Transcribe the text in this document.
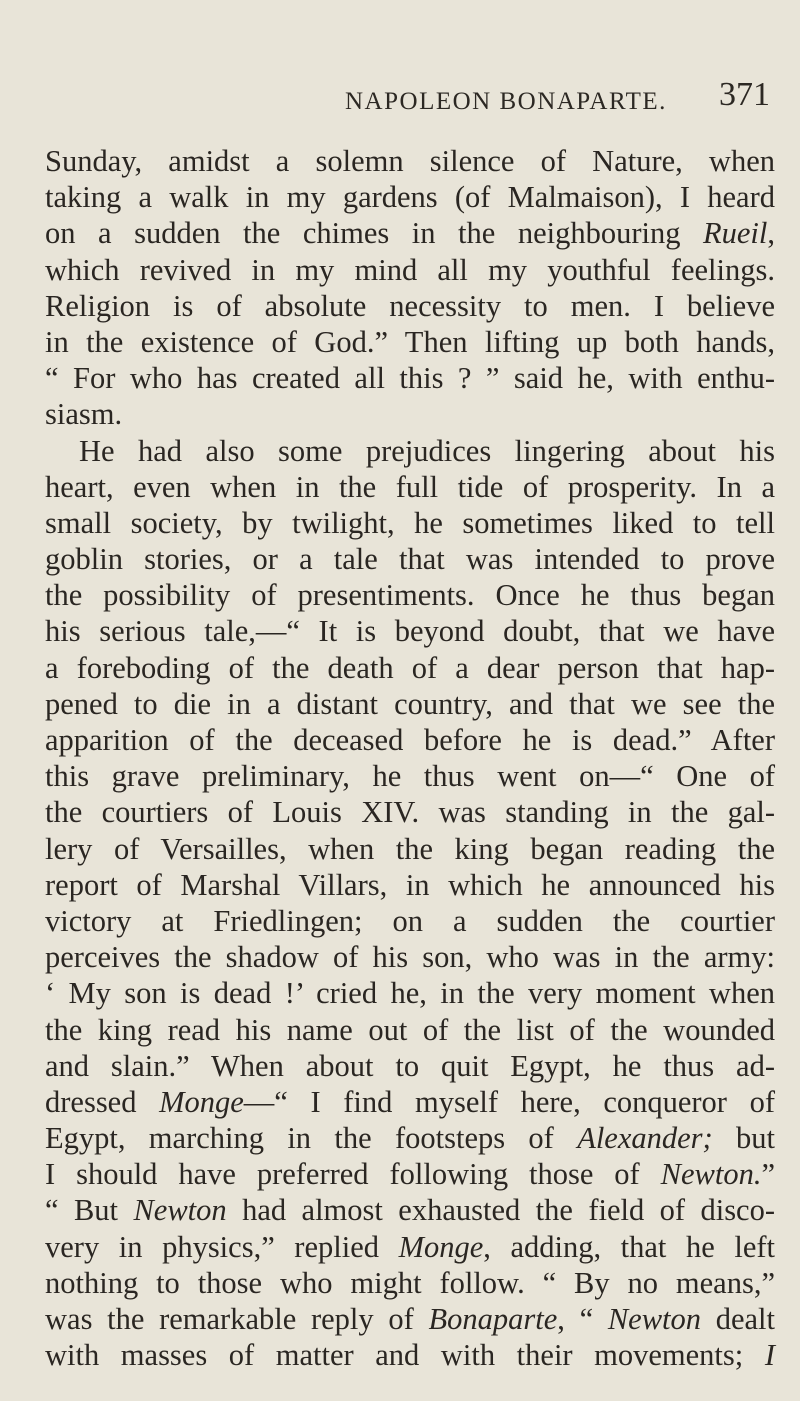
NAPOLEON BONAPARTE. 371
Sunday, amidst a solemn silence of Nature, when
taking a walk in my gardens (of Malmaison), I heard
on a sudden the chimes in the neighbouring Rueil,
which revived in my mind all my youthful feelings.
Religion is of absolute necessity to men. I believe
in the existence of God.” Then lifting up both hands,
“ For who has created all this ? ” said he, with enthu-
siasm.
He had also some prejudices lingering about his
heart, even when in the full tide of prosperity. In a
small society, by twilight, he sometimes liked to tell
goblin stories, or a tale that was intended to prove
the possibility of presentiments. Once he thus began
his serious tale,—“ It is beyond doubt, that we have
a foreboding of the death of a dear person that hap-
pened to die in a distant country, and that we see the
apparition of the deceased before he is dead.” After
this grave preliminary, he thus went on—“ One of
the courtiers of Louis XIV. was standing in the gal-
lery of Versailles, when the king began reading the
report of Marshal Villars, in which he announced his
victory at Friedlingen; on a sudden the courtier
perceives the shadow of his son, who was in the army:
‘ My son is dead !’ cried he, in the very moment when
the king read his name out of the list of the wounded
and slain.” When about to quit Egypt, he thus ad-
dressed Monge—“ I find myself here, conqueror of
Egypt, marching in the footsteps of Alexander; but
I should have preferred following those of Newton.”
“ But Newton had almost exhausted the field of disco-
very in physics,” replied Monge, adding, that he left
nothing to those who might follow. “ By no means,”
was the remarkable reply of Bonaparte, “ Newton dealt
with masses of matter and with their movements; I
